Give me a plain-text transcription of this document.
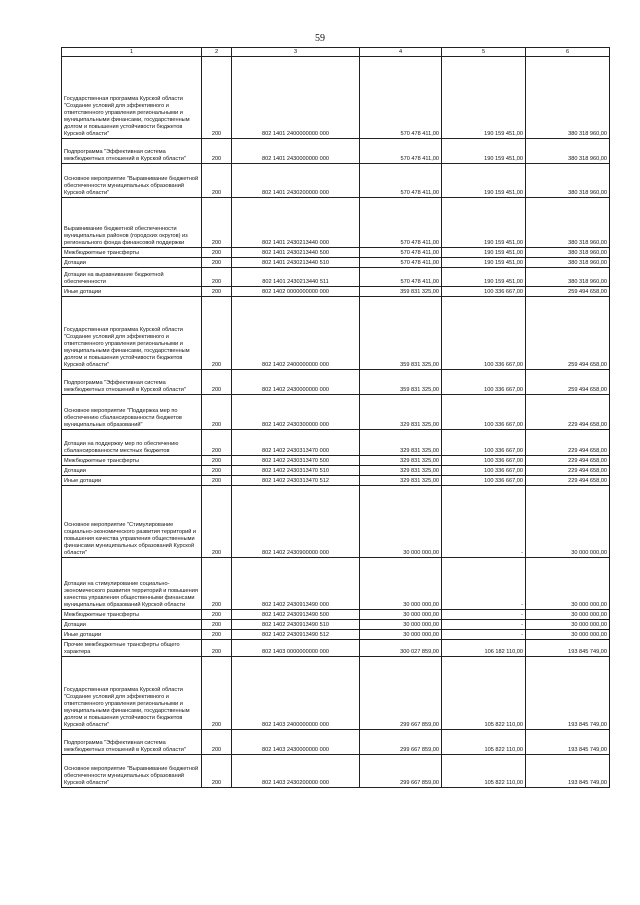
59
1	2	3	4	5	6
Государственная программа Курской области "Создание условий для эффективного и ответственного управления региональными и муниципальными финансами, государственным долгом и повышения устойчивости бюджетов Курской области"	200	802 1401 2400000000 000	570 478 411,00	190 159 451,00	380 318 960,00
Подпрограмма "Эффективная система межбюджетных отношений в Курской области"	200	802 1401 2430000000 000	570 478 411,00	190 159 451,00	380 318 960,00
Основное мероприятие "Выравнивание бюджетной обеспеченности муниципальных образований Курской области"	200	802 1401 2430200000 000	570 478 411,00	190 159 451,00	380 318 960,00
Выравнивание бюджетной обеспеченности муниципальных районов (городских округов) из регионального фонда финансовой поддержки	200	802 1401 2430213440 000	570 478 411,00	190 159 451,00	380 318 960,00
Межбюджетные трансферты	200	802 1401 2430213440 500	570 478 411,00	190 159 451,00	380 318 960,00
Дотации	200	802 1401 2430213440 510	570 478 411,00	190 159 451,00	380 318 960,00
Дотации на выравнивание бюджетной обеспеченности	200	802 1401 2430213440 511	570 478 411,00	190 159 451,00	380 318 960,00
Иные дотации	200	802 1402 0000000000 000	359 831 325,00	100 336 667,00	259 494 658,00
Государственная программа Курской области "Создание условий для эффективного и ответственного управления региональными и муниципальными финансами, государственным долгом и повышения устойчивости бюджетов Курской области"	200	802 1402 2400000000 000	359 831 325,00	100 336 667,00	259 494 658,00
Подпрограмма "Эффективная система межбюджетных отношений в Курской области"	200	802 1402 2430000000 000	359 831 325,00	100 336 667,00	259 494 658,00
Основное мероприятие "Поддержка мер по обеспечению сбалансированности бюджетов муниципальных образований"	200	802 1402 2430300000 000	329 831 325,00	100 336 667,00	229 494 658,00
Дотации на поддержку мер по обеспечению сбалансированности местных бюджетов	200	802 1402 2430313470 000	329 831 325,00	100 336 667,00	229 494 658,00
Межбюджетные трансферты	200	802 1402 2430313470 500	329 831 325,00	100 336 667,00	229 494 658,00
Дотации	200	802 1402 2430313470 510	329 831 325,00	100 336 667,00	229 494 658,00
Иные дотации	200	802 1402 2430313470 512	329 831 325,00	100 336 667,00	229 494 658,00
Основное мероприятие "Стимулирование социально-экономического развития территорий и повышения качества управления общественными финансами муниципальных образований Курской области"	200	802 1402 2430900000 000	30 000 000,00	-	30 000 000,00
Дотации на стимулирование социально-экономического развития территорий и повышения качества управления общественными финансами муниципальных образований Курской области	200	802 1402 2430913490 000	30 000 000,00	-	30 000 000,00
Межбюджетные трансферты	200	802 1402 2430913490 500	30 000 000,00	-	30 000 000,00
Дотации	200	802 1402 2430913490 510	30 000 000,00	-	30 000 000,00
Иные дотации	200	802 1402 2430913490 512	30 000 000,00	-	30 000 000,00
Прочие межбюджетные трансферты общего характера	200	802 1403 0000000000 000	300 027 859,00	106 182 110,00	193 845 749,00
Государственная программа Курской области "Создание условий для эффективного и ответственного управления региональными и муниципальными финансами, государственным долгом и повышения устойчивости бюджетов Курской области"	200	802 1403 2400000000 000	299 667 859,00	105 822 110,00	193 845 749,00
Подпрограмма "Эффективная система межбюджетных отношений в Курской области"	200	802 1403 2430000000 000	299 667 859,00	105 822 110,00	193 845 749,00
Основное мероприятие "Выравнивание бюджетной обеспеченности муниципальных образований Курской области"	200	802 1403 2430200000 000	299 667 859,00	105 822 110,00	193 845 749,00
